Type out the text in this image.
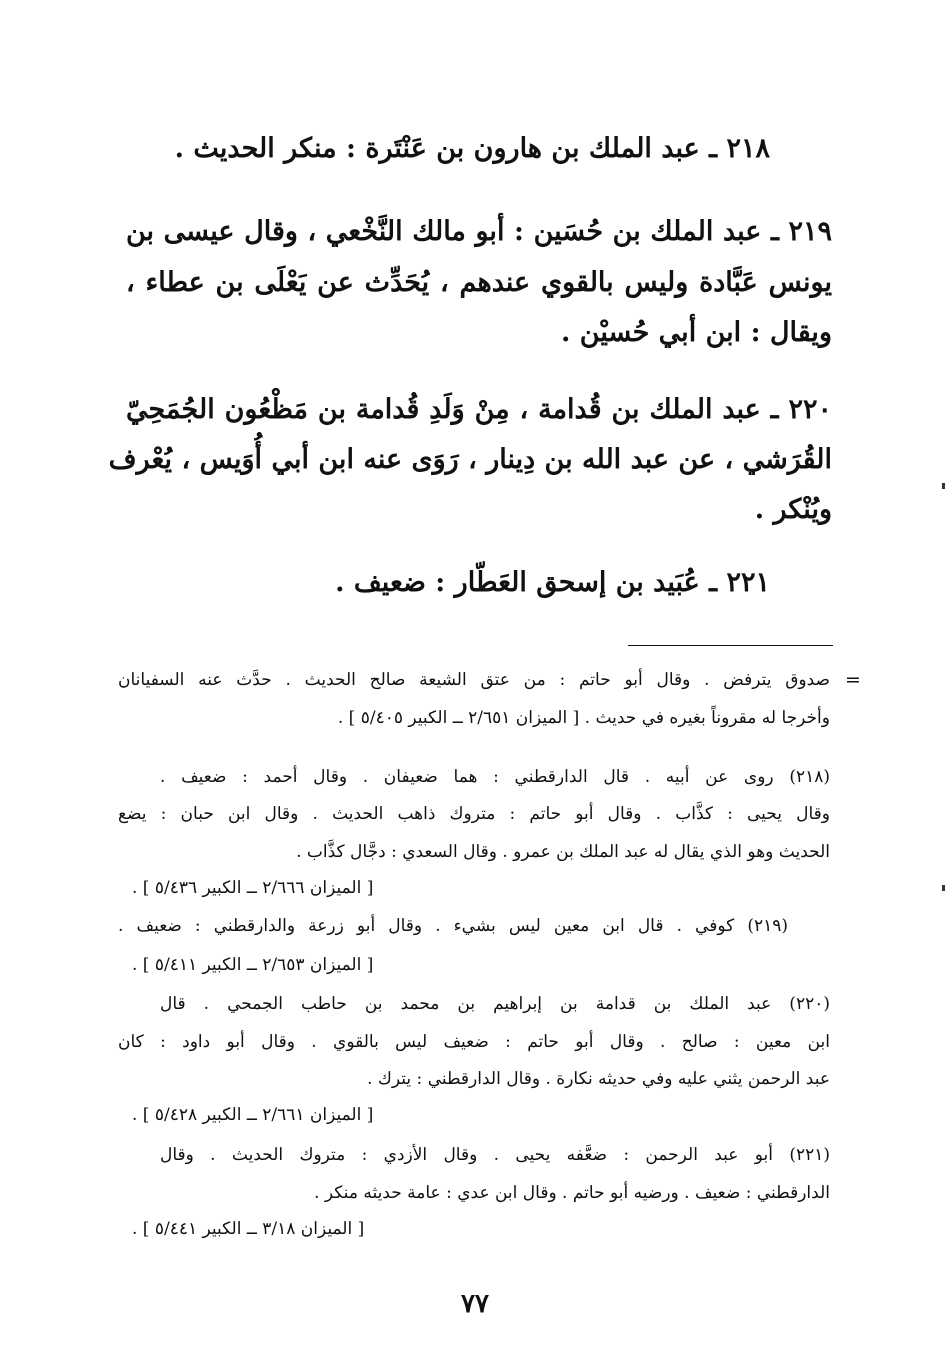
٢١٨ ـ عبد الملك بن هارون بن عَنْتَرة : منكر الحديث .
٢١٩ ـ عبد الملك بن حُسَين : أبو مالك النَّخْعي ، وقال عيسى بن
يونس عَبَّادة وليس بالقوي عندهم ، يُحَدِّث عن يَعْلَى بن عطاء ،
ويقال : ابن أبي حُسيْن .
٢٢٠ ـ عبد الملك بن قُدامة ، مِنْ وَلَدِ قُدامة بن مَظْعُون الجُمَحِيّ
القُرَشي ، عن عبد الله بن دِينار ، رَوَى عنه ابن أبي أُوَيس ، يُعْرف
ويُنْكر .
٢٢١ ـ عُبَيد بن إسحق العَطّار : ضعيف .
=
صدوق يترفض . وقال أبو حاتم : من عتق الشيعة صالح الحديث . حدَّث عنه السفيانان
وأخرجا له مقروناً بغيره في حديث . [ الميزان ٢/٦٥١ ــ الكبير ٥/٤٠٥ ] .
(٢١٨) روى عن أبيه . قال الدارقطني : هما ضعيفان . وقال أحمد : ضعيف .
وقال يحيى : كذَّاب . وقال أبو حاتم : متروك ذاهب الحديث . وقال ابن حبان : يضع
الحديث وهو الذي يقال له عبد الملك بن عمرو . وقال السعدي : دجَّال كذَّاب .
[ الميزان ٢/٦٦٦ ــ الكبير ٥/٤٣٦ ] .
(٢١٩) كوفي . قال ابن معين ليس بشيء . وقال أبو زرعة والدارقطني : ضعيف .
[ الميزان ٢/٦٥٣ ــ الكبير ٥/٤١١ ] .
(٢٢٠) عبد الملك بن قدامة بن إبراهيم بن محمد بن حاطب الجمحي . قال
ابن معين : صالح . وقال أبو حاتم : ضعيف ليس بالقوي . وقال أبو داود : كان
عبد الرحمن يثني عليه وفي حديثه نكارة . وقال الدارقطني : يترك .
[ الميزان ٢/٦٦١ ــ الكبير ٥/٤٢٨ ] .
(٢٢١) أبو عبد الرحمن : ضعَّفه يحيى . وقال الأزدي : متروك الحديث . وقال
الدارقطني : ضعيف . ورضيه أبو حاتم . وقال ابن عدي : عامة حديثه منكر .
[ الميزان ٣/١٨ ــ الكبير ٥/٤٤١ ] .
٧٧
